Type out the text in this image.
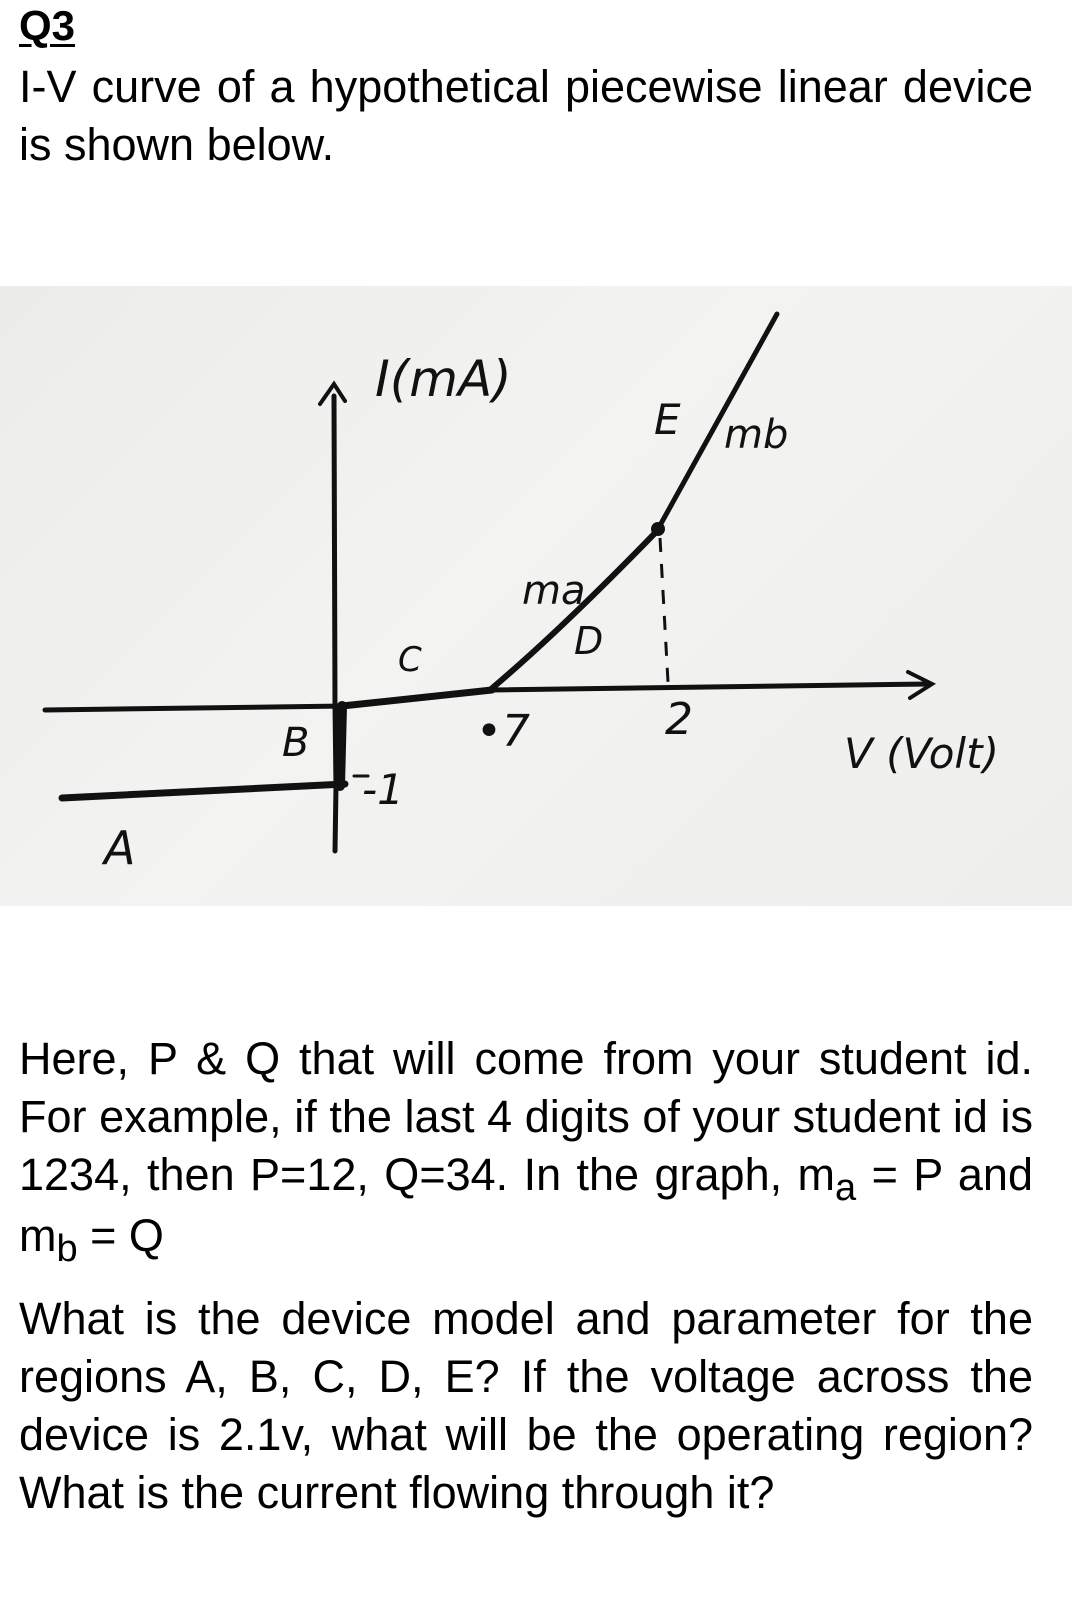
Q3
I-V curve of a hypothetical piecewise linear device is shown below.
I(mA)
E mb
ma
D
C
B
A
•7	2
-1
V (Volt)
Here, P & Q that will come from your student id. For example, if the last 4 digits of your student id is 1234, then P=12, Q=34. In the graph, $m_a = P$ and $m_b = Q$
What is the device model and parameter for the regions A, B, C, D, E? If the voltage across the device is 2.1v, what will be the operating region? What is the current flowing through it?
